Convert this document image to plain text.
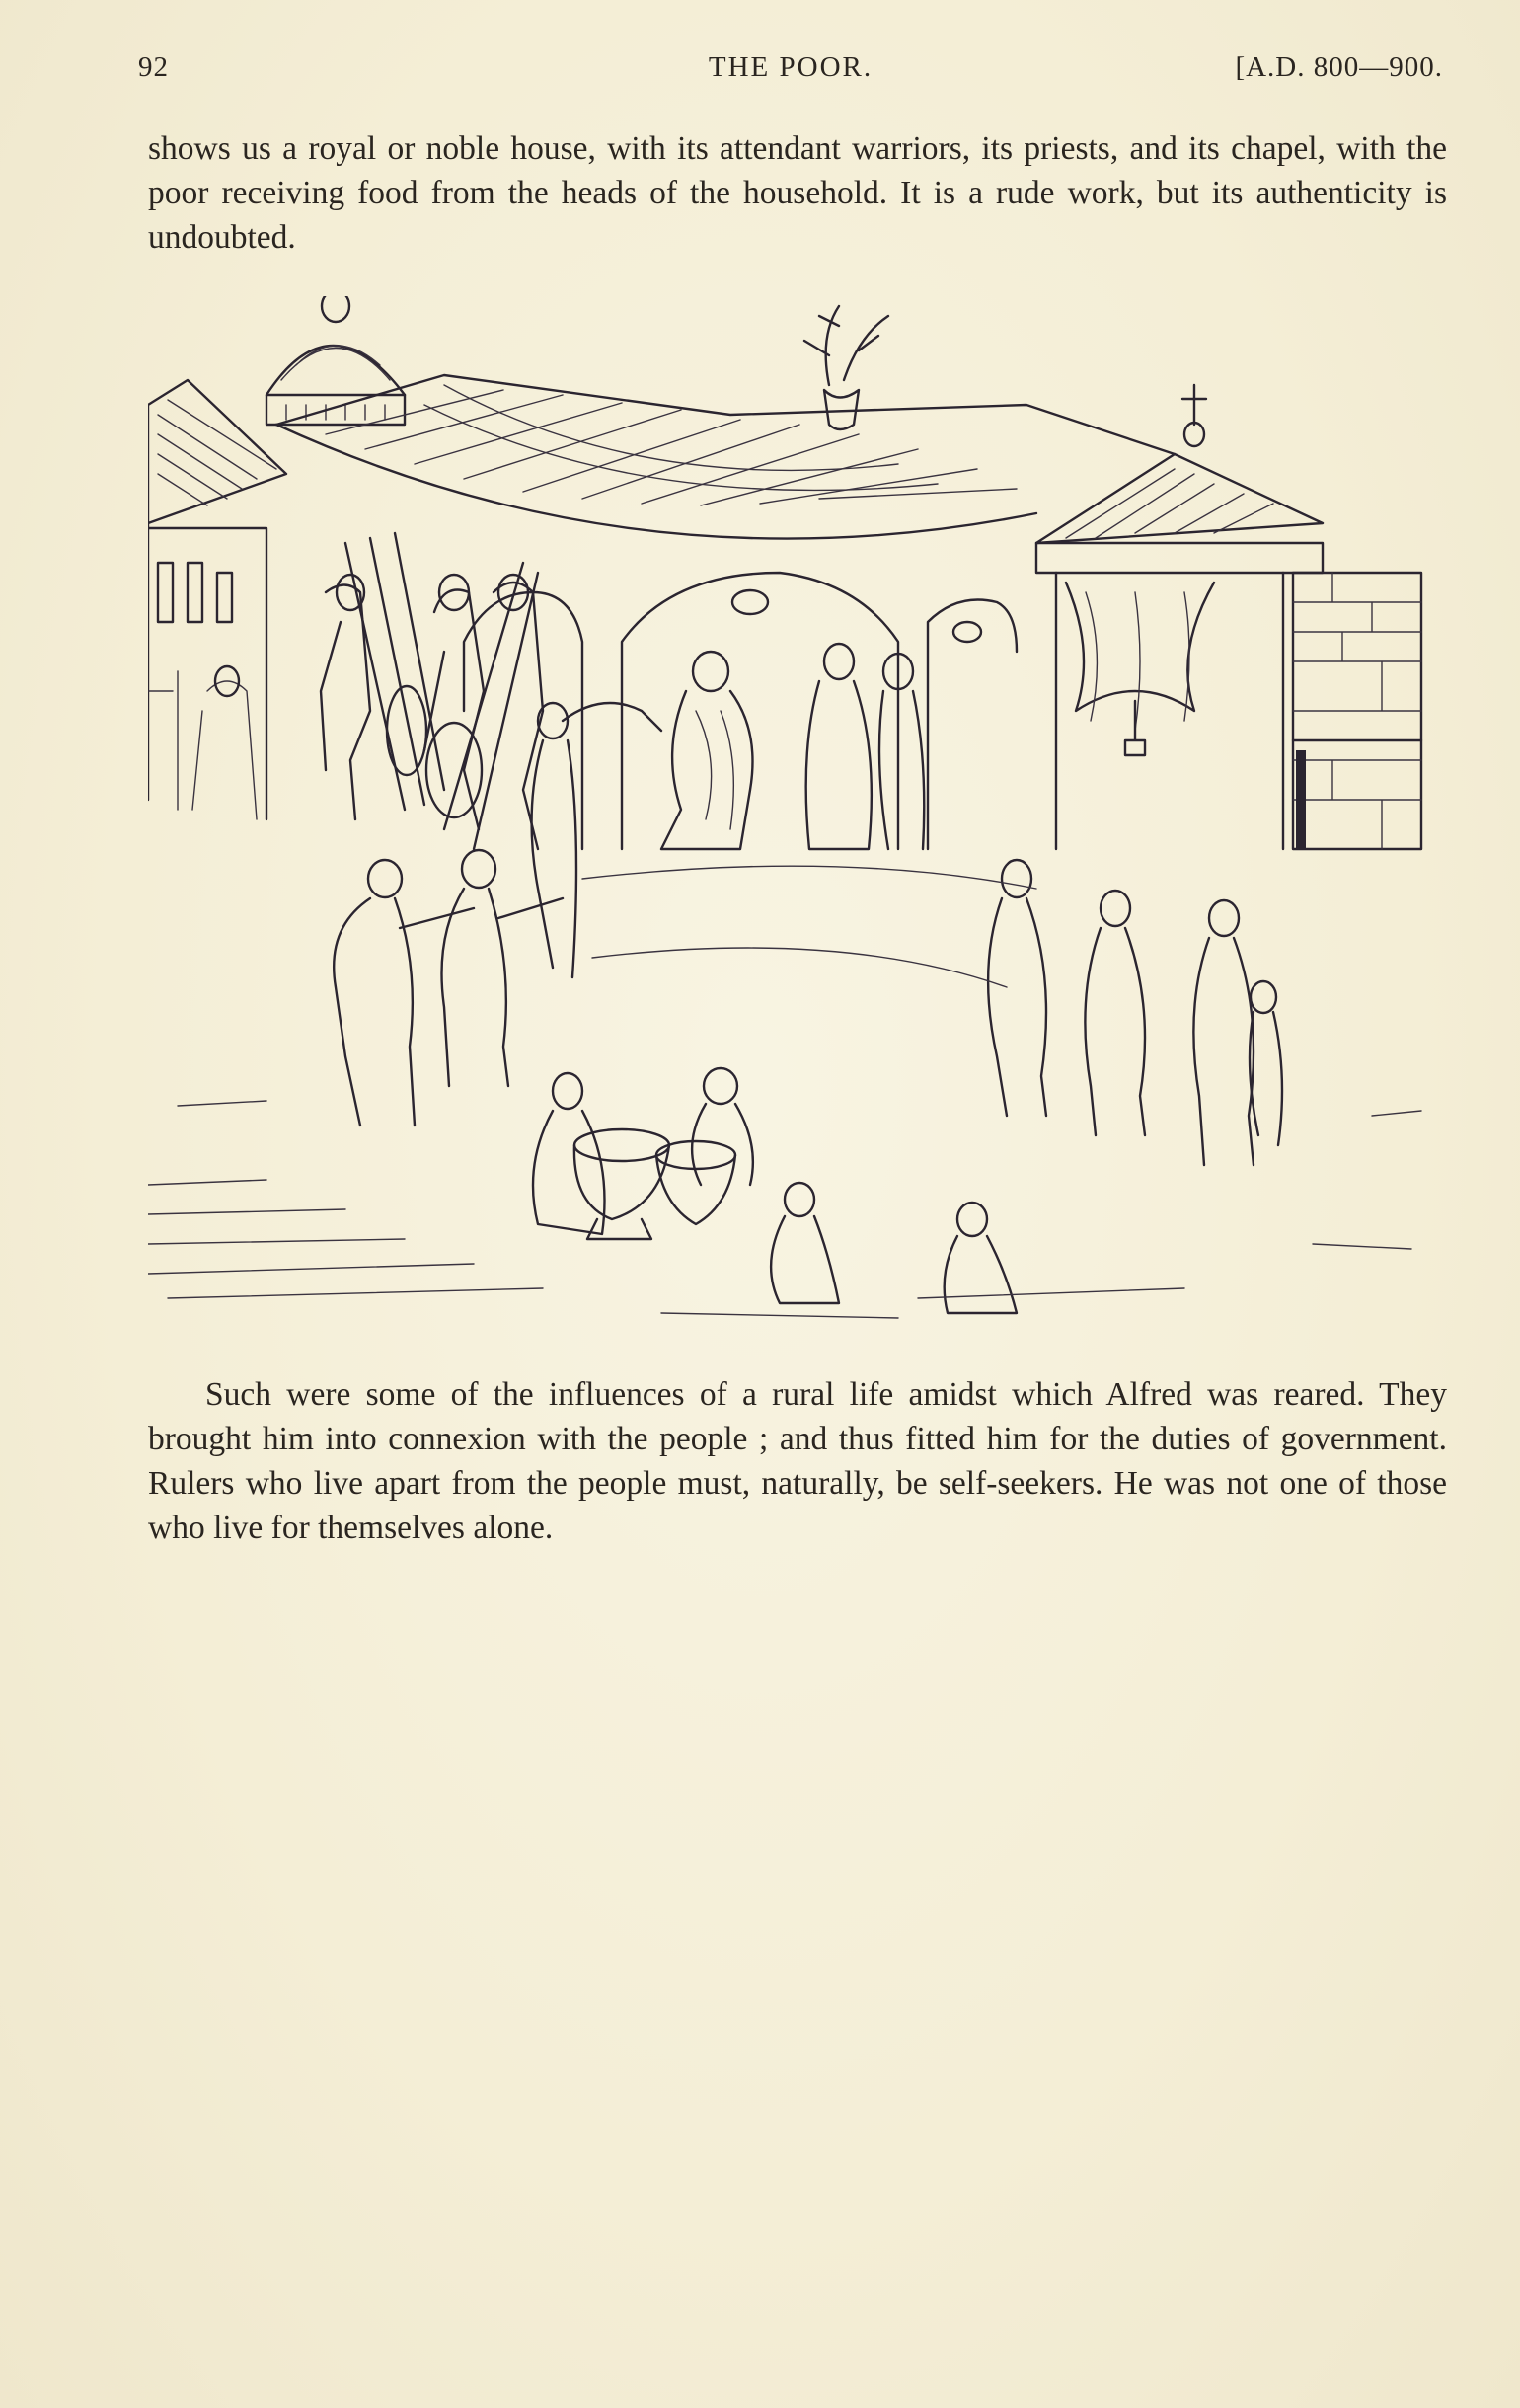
92	THE POOR.	[A.D. 800—900.

shows us a royal or noble house, with its attendant warriors, its priests, and its chapel, with the poor receiving food from the heads of the household. It is a rude work, but its authenticity is undoubted.

Such were some of the influences of a rural life amidst which Alfred was reared. They brought him into connexion with the people ; and thus fitted him for the duties of government. Rulers who live apart from the people must, naturally, be self-seekers. He was not one of those who live for themselves alone.
